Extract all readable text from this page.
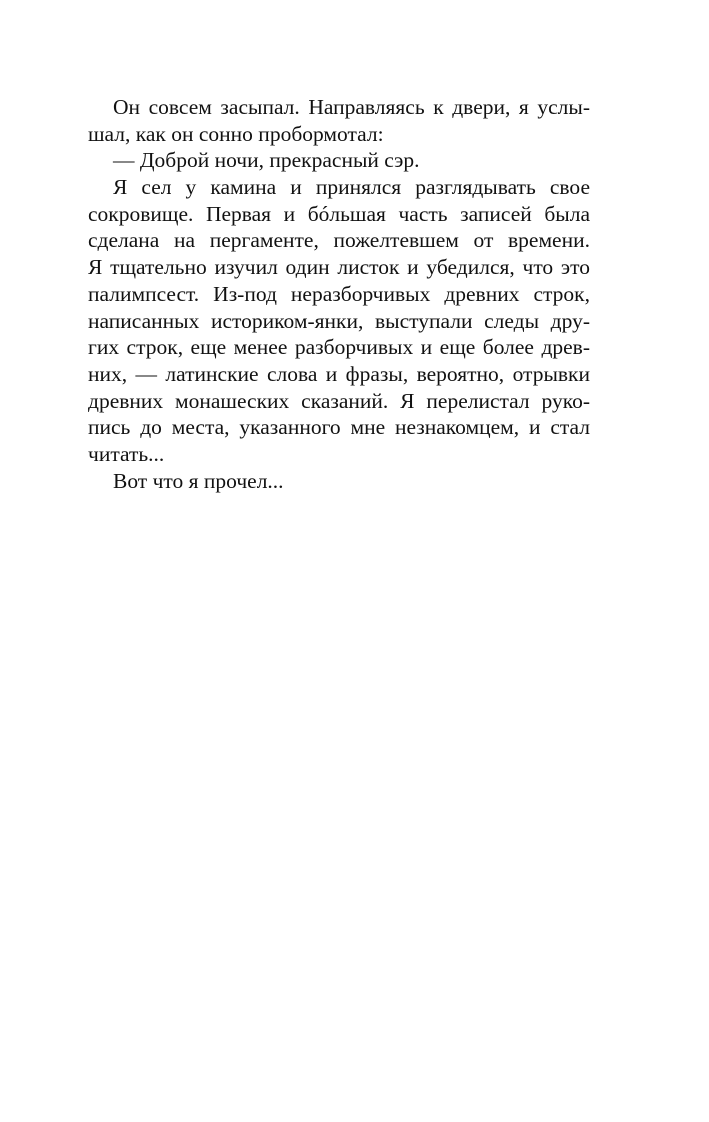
Он совсем засыпал. Направляясь к двери, я услы-
шал, как он сонно пробормотал:
— Доброй ночи, прекрасный сэр.
Я сел у камина и принялся разглядывать свое
сокровище. Первая и бóльшая часть записей была
сделана на пергаменте, пожелтевшем от времени.
Я тщательно изучил один листок и убедился, что это
палимпсест. Из-под неразборчивых древних строк,
написанных историком-янки, выступали следы дру-
гих строк, еще менее разборчивых и еще более древ-
них, — латинские слова и фразы, вероятно, отрывки
древних монашеских сказаний. Я перелистал руко-
пись до места, указанного мне незнакомцем, и стал
читать...
Вот что я прочел...
